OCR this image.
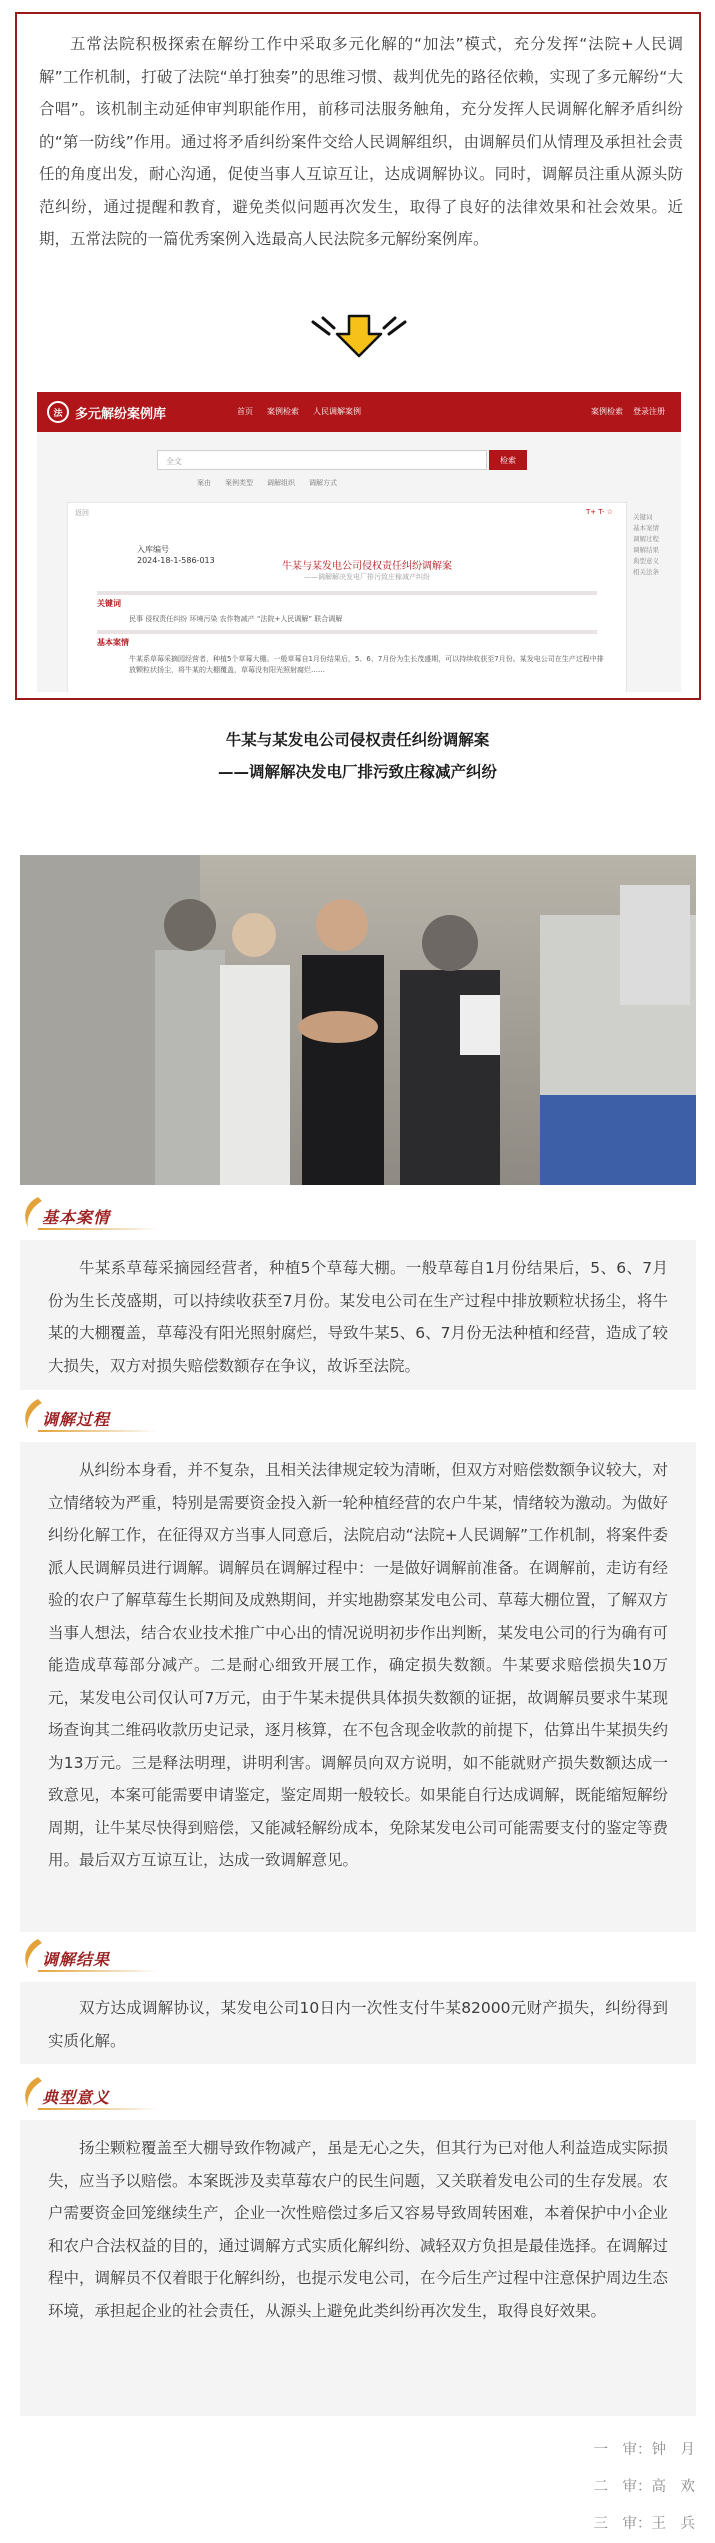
五常法院积极探索在解纷工作中采取多元化解的“加法”模式，充分发挥“法院+人民调解”工作机制，打破了法院“单打独奏”的思维习惯、裁判优先的路径依赖，实现了多元解纷“大合唱”。该机制主动延伸审判职能作用，前移司法服务触角，充分发挥人民调解化解矛盾纠纷的“第一防线”作用。通过将矛盾纠纷案件交给人民调解组织，由调解员们从情理及承担社会责任的角度出发，耐心沟通，促使当事人互谅互让，达成调解协议。同时，调解员注重从源头防范纠纷，通过提醒和教育，避免类似问题再次发生，取得了良好的法律效果和社会效果。近期，五常法院的一篇优秀案例入选最高人民法院多元解纷案例库。

法 多元解纷案例库	首页 案例检索 人民调解案例	案例检索 登录注册
全文	检索
案由 案例类型 调解组织 调解方式
返回	T+ T- ☆
关键词
基本案情
调解过程
调解结果
典型意义
相关法条
入库编号
2024-18-1-586-013
牛某与某发电公司侵权责任纠纷调解案
——调解解决发电厂排污致庄稼减产纠纷
关键词
民事 侵权责任纠纷 环境污染 农作物减产 “法院+人民调解” 联合调解
基本案情
牛某系草莓采摘园经营者，种植5个草莓大棚。一般草莓自1月份结果后，5、6、7月份为生长茂盛期，可以持续收获至7月份。某发电公司在生产过程中排放颗粒状扬尘，将牛某的大棚覆盖，草莓没有阳光照射腐烂……
牛某与某发电公司侵权责任纠纷调解案
——调解解决发电厂排污致庄稼减产纠纷
基本案情
牛某系草莓采摘园经营者，种植5个草莓大棚。一般草莓自1月份结果后，5、6、7月份为生长茂盛期，可以持续收获至7月份。某发电公司在生产过程中排放颗粒状扬尘，将牛某的大棚覆盖，草莓没有阳光照射腐烂，导致牛某5、6、7月份无法种植和经营，造成了较大损失，双方对损失赔偿数额存在争议，故诉至法院。
调解过程
从纠纷本身看，并不复杂，且相关法律规定较为清晰，但双方对赔偿数额争议较大，对立情绪较为严重，特别是需要资金投入新一轮种植经营的农户牛某，情绪较为激动。为做好纠纷化解工作，在征得双方当事人同意后，法院启动“法院+人民调解”工作机制，将案件委派人民调解员进行调解。调解员在调解过程中：一是做好调解前准备。在调解前，走访有经验的农户了解草莓生长期间及成熟期间，并实地勘察某发电公司、草莓大棚位置，了解双方当事人想法，结合农业技术推广中心出的情况说明初步作出判断，某发电公司的行为确有可能造成草莓部分减产。二是耐心细致开展工作，确定损失数额。牛某要求赔偿损失10万元，某发电公司仅认可7万元，由于牛某未提供具体损失数额的证据，故调解员要求牛某现场查询其二维码收款历史记录，逐月核算，在不包含现金收款的前提下，估算出牛某损失约为13万元。三是释法明理，讲明利害。调解员向双方说明，如不能就财产损失数额达成一致意见，本案可能需要申请鉴定，鉴定周期一般较长。如果能自行达成调解，既能缩短解纷周期，让牛某尽快得到赔偿，又能减轻解纷成本，免除某发电公司可能需要支付的鉴定等费用。最后双方互谅互让，达成一致调解意见。
调解结果
双方达成调解协议，某发电公司10日内一次性支付牛某82000元财产损失，纠纷得到实质化解。
典型意义
扬尘颗粒覆盖至大棚导致作物减产，虽是无心之失，但其行为已对他人利益造成实际损失，应当予以赔偿。本案既涉及卖草莓农户的民生问题，又关联着发电公司的生存发展。农户需要资金回笼继续生产，企业一次性赔偿过多后又容易导致周转困难，本着保护中小企业和农户合法权益的目的，通过调解方式实质化解纠纷、减轻双方负担是最佳选择。在调解过程中，调解员不仅着眼于化解纠纷，也提示发电公司，在今后生产过程中注意保护周边生态环境，承担起企业的社会责任，从源头上避免此类纠纷再次发生，取得良好效果。
一　审：钟　月
二　审：高　欢
三　审：王　兵
